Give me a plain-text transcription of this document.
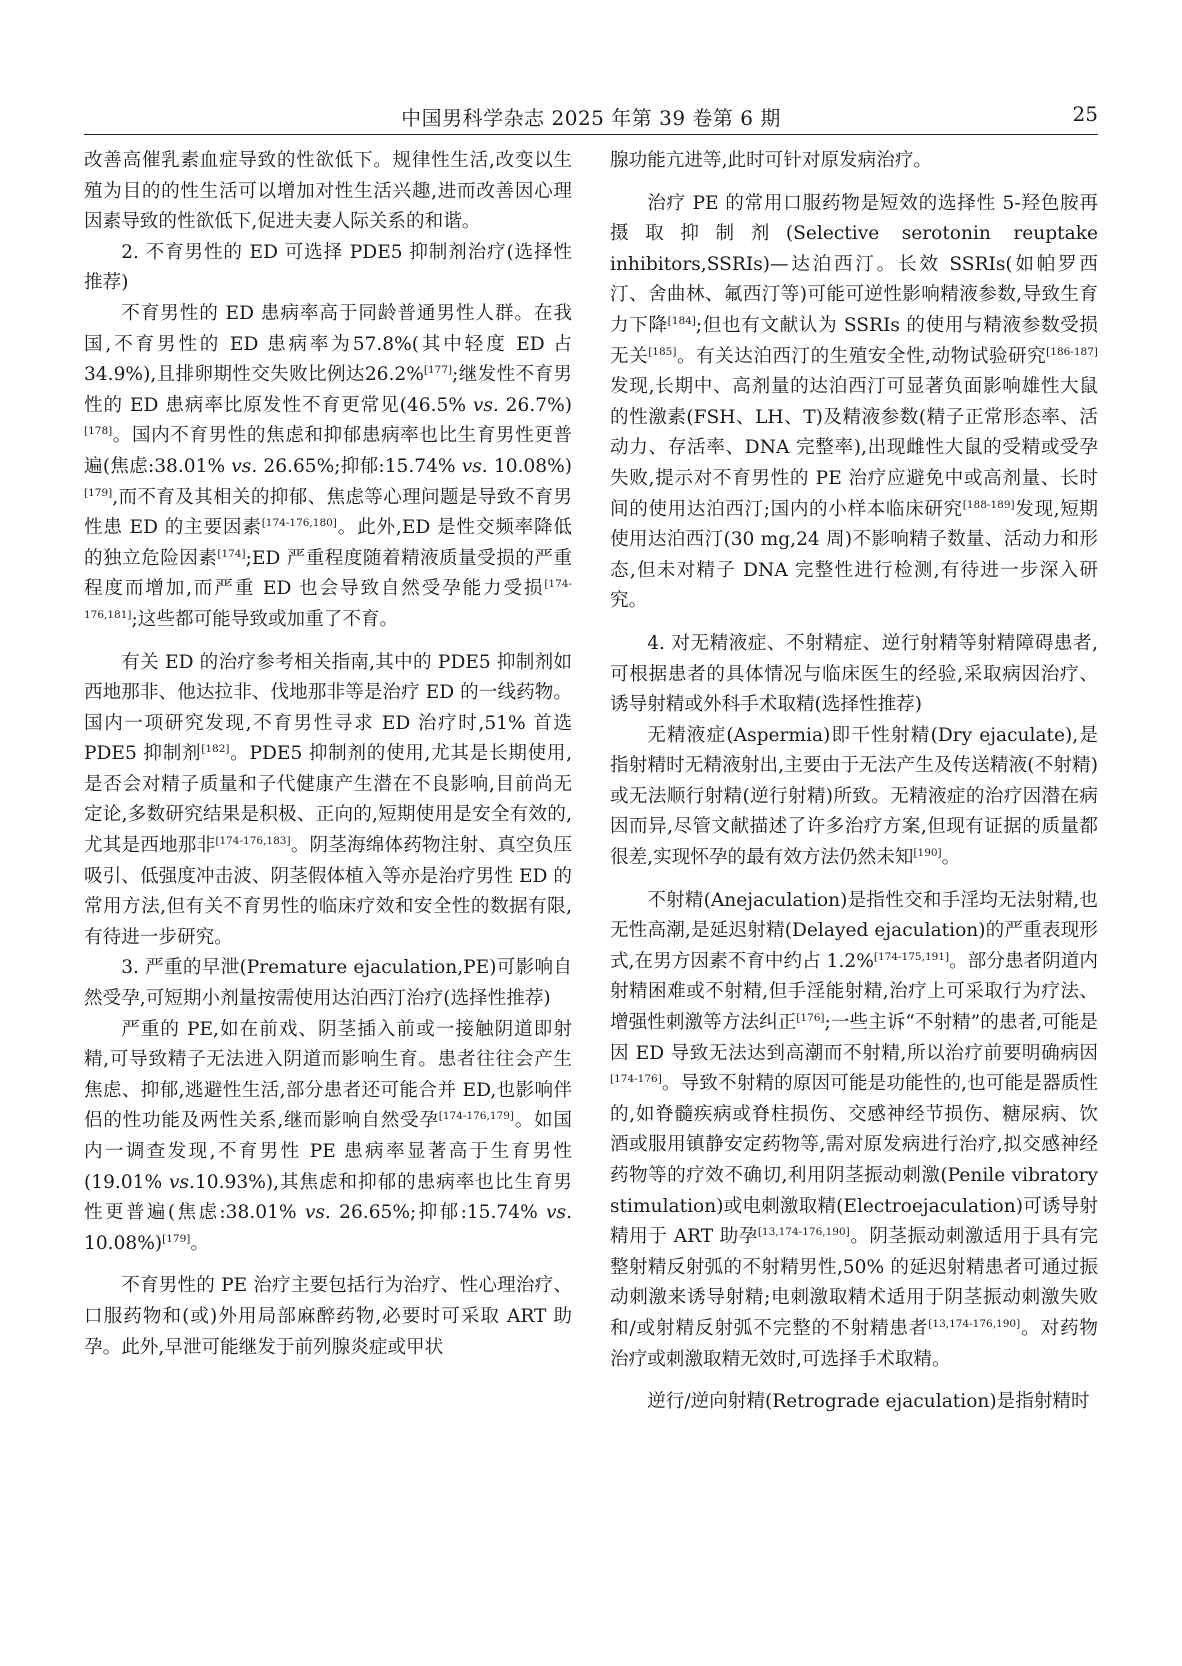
中国男科学杂志 2025 年第 39 卷第 6 期	25

改善高催乳素血症导致的性欲低下。规律性生活,改变以生殖为目的的性生活可以增加对性生活兴趣,进而改善因心理因素导致的性欲低下,促进夫妻人际关系的和谐。

2. 不育男性的 ED 可选择 PDE5 抑制剂治疗(选择性推荐)

不育男性的 ED 患病率高于同龄普通男性人群。在我国,不育男性的 ED 患病率为57.8%(其中轻度 ED 占34.9%),且排卵期性交失败比例达26.2%[177];继发性不育男性的 ED 患病率比原发性不育更常见(46.5% vs. 26.7%)[178]。国内不育男性的焦虑和抑郁患病率也比生育男性更普遍(焦虑:38.01% vs. 26.65%;抑郁:15.74% vs. 10.08%)[179],而不育及其相关的抑郁、焦虑等心理问题是导致不育男性患 ED 的主要因素[174-176,180]。此外,ED 是性交频率降低的独立危险因素[174];ED 严重程度随着精液质量受损的严重程度而增加,而严重 ED 也会导致自然受孕能力受损[174-176,181];这些都可能导致或加重了不育。

有关 ED 的治疗参考相关指南,其中的 PDE5 抑制剂如西地那非、他达拉非、伐地那非等是治疗 ED 的一线药物。国内一项研究发现,不育男性寻求 ED 治疗时,51% 首选 PDE5 抑制剂[182]。PDE5 抑制剂的使用,尤其是长期使用,是否会对精子质量和子代健康产生潜在不良影响,目前尚无定论,多数研究结果是积极、正向的,短期使用是安全有效的,尤其是西地那非[174-176,183]。阴茎海绵体药物注射、真空负压吸引、低强度冲击波、阴茎假体植入等亦是治疗男性 ED 的常用方法,但有关不育男性的临床疗效和安全性的数据有限,有待进一步研究。

3. 严重的早泄(Premature ejaculation,PE)可影响自然受孕,可短期小剂量按需使用达泊西汀治疗(选择性推荐)

严重的 PE,如在前戏、阴茎插入前或一接触阴道即射精,可导致精子无法进入阴道而影响生育。患者往往会产生焦虑、抑郁,逃避性生活,部分患者还可能合并 ED,也影响伴侣的性功能及两性关系,继而影响自然受孕[174-176,179]。如国内一调查发现,不育男性 PE 患病率显著高于生育男性(19.01% vs.10.93%),其焦虑和抑郁的患病率也比生育男性更普遍(焦虑:38.01% vs. 26.65%;抑郁:15.74% vs. 10.08%)[179]。

不育男性的 PE 治疗主要包括行为治疗、性心理治疗、口服药物和(或)外用局部麻醉药物,必要时可采取 ART 助孕。此外,早泄可能继发于前列腺炎症或甲状

腺功能亢进等,此时可针对原发病治疗。

治疗 PE 的常用口服药物是短效的选择性 5-羟色胺再摄取抑制剂(Selective serotonin reuptake inhibitors,SSRIs)—达泊西汀。长效 SSRIs(如帕罗西汀、舍曲林、氟西汀等)可能可逆性影响精液参数,导致生育力下降[184];但也有文献认为 SSRIs 的使用与精液参数受损无关[185]。有关达泊西汀的生殖安全性,动物试验研究[186-187]发现,长期中、高剂量的达泊西汀可显著负面影响雄性大鼠的性激素(FSH、LH、T)及精液参数(精子正常形态率、活动力、存活率、DNA 完整率),出现雌性大鼠的受精或受孕失败,提示对不育男性的 PE 治疗应避免中或高剂量、长时间的使用达泊西汀;国内的小样本临床研究[188-189]发现,短期使用达泊西汀(30 mg,24 周)不影响精子数量、活动力和形态,但未对精子 DNA 完整性进行检测,有待进一步深入研究。

4. 对无精液症、不射精症、逆行射精等射精障碍患者,可根据患者的具体情况与临床医生的经验,采取病因治疗、诱导射精或外科手术取精(选择性推荐)

无精液症(Aspermia)即干性射精(Dry ejaculate),是指射精时无精液射出,主要由于无法产生及传送精液(不射精)或无法顺行射精(逆行射精)所致。无精液症的治疗因潜在病因而异,尽管文献描述了许多治疗方案,但现有证据的质量都很差,实现怀孕的最有效方法仍然未知[190]。

不射精(Anejaculation)是指性交和手淫均无法射精,也无性高潮,是延迟射精(Delayed ejaculation)的严重表现形式,在男方因素不育中约占 1.2%[174-175,191]。部分患者阴道内射精困难或不射精,但手淫能射精,治疗上可采取行为疗法、增强性刺激等方法纠正[176];一些主诉“不射精”的患者,可能是因 ED 导致无法达到高潮而不射精,所以治疗前要明确病因[174-176]。导致不射精的原因可能是功能性的,也可能是器质性的,如脊髓疾病或脊柱损伤、交感神经节损伤、糖尿病、饮酒或服用镇静安定药物等,需对原发病进行治疗,拟交感神经药物等的疗效不确切,利用阴茎振动刺激(Penile vibratory stimulation)或电刺激取精(Electroejaculation)可诱导射精用于 ART 助孕[13,174-176,190]。阴茎振动刺激适用于具有完整射精反射弧的不射精男性,50% 的延迟射精患者可通过振动刺激来诱导射精;电刺激取精术适用于阴茎振动刺激失败和/或射精反射弧不完整的不射精患者[13,174-176,190]。对药物治疗或刺激取精无效时,可选择手术取精。

逆行/逆向射精(Retrograde ejaculation)是指射精时
